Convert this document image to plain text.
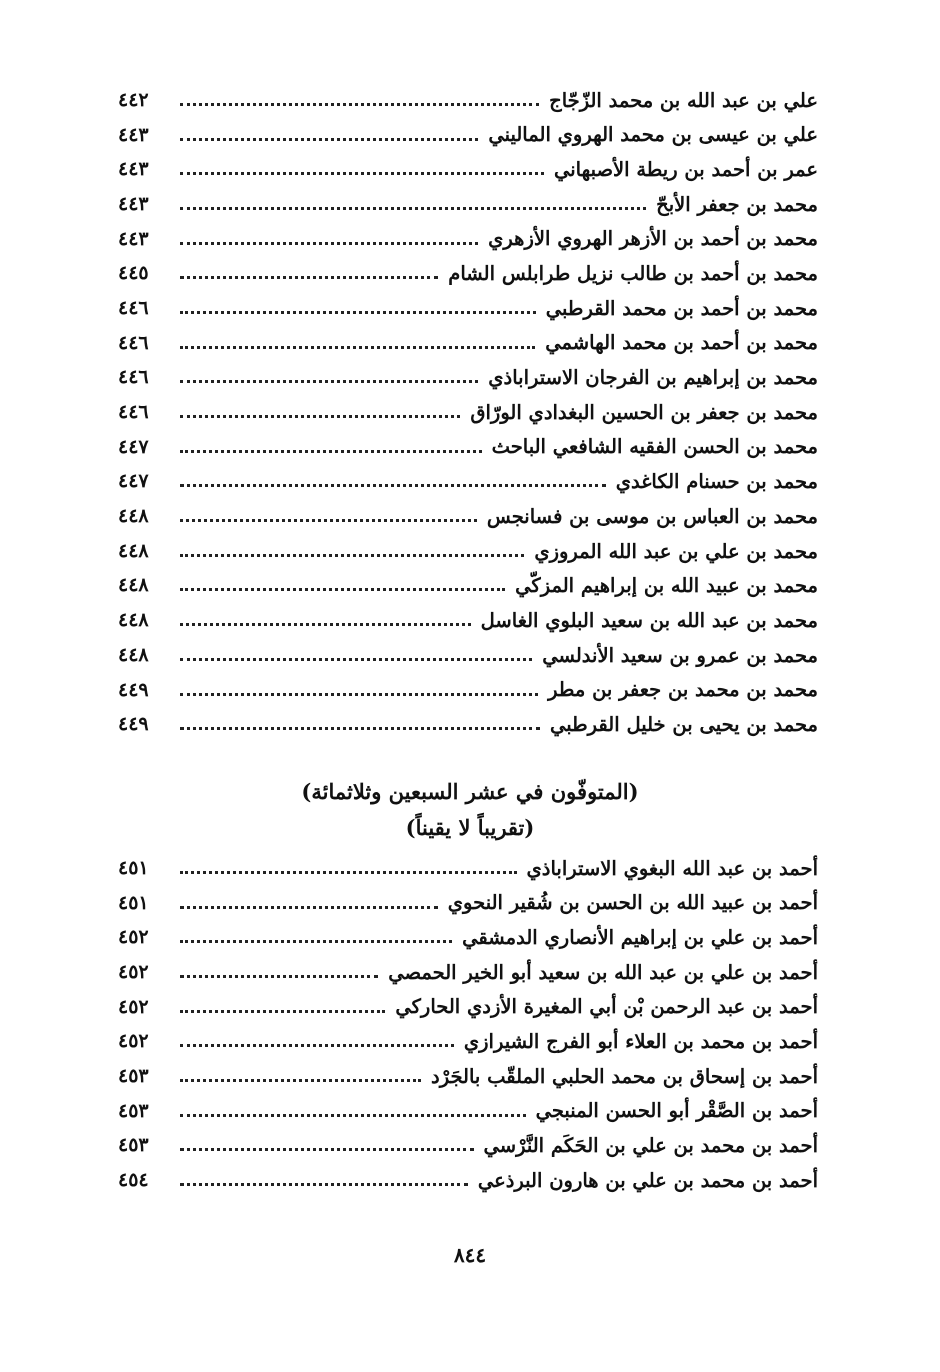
علي بن عبد الله بن محمد الزّجّاج
٤٤٢
علي بن عيسى بن محمد الهروي الماليني
٤٤٣
عمر بن أحمد بن ريطة الأصبهاني
٤٤٣
محمد بن جعفر الأبحّ
٤٤٣
محمد بن أحمد بن الأزهر الهروي الأزهري
٤٤٣
محمد بن أحمد بن طالب نزيل طرابلس الشام
٤٤٥
محمد بن أحمد بن محمد القرطبي
٤٤٦
محمد بن أحمد بن محمد الهاشمي
٤٤٦
محمد بن إبراهيم بن الفرجان الاستراباذي
٤٤٦
محمد بن جعفر بن الحسين البغدادي الورّاق
٤٤٦
محمد بن الحسن الفقيه الشافعي الباحث
٤٤٧
محمد بن حسنام الكاغدي
٤٤٧
محمد بن العباس بن موسى بن فسانجس
٤٤٨
محمد بن علي بن عبد الله المروزي
٤٤٨
محمد بن عبيد الله بن إبراهيم المزكّي
٤٤٨
محمد بن عبد الله بن سعيد البلوي الغاسل
٤٤٨
محمد بن عمرو بن سعيد الأندلسي
٤٤٨
محمد بن محمد بن جعفر بن مطر
٤٤٩
محمد بن يحيى بن خليل القرطبي
٤٤٩
(المتوفّون في عشر السبعين وثلاثمائة)
(تقريباً لا يقيناً)
أحمد بن عبد الله البغوي الاستراباذي
٤٥١
أحمد بن عبيد الله بن الحسن بن شُقير النحوي
٤٥١
أحمد بن علي بن إبراهيم الأنصاري الدمشقي
٤٥٢
أحمد بن علي بن عبد الله بن سعيد أبو الخير الحمصي
٤٥٢
أحمد بن عبد الرحمن بْن أبي المغيرة الأزدي الحاركي
٤٥٢
أحمد بن محمد بن العلاء أبو الفرج الشيرازي
٤٥٢
أحمد بن إسحاق بن محمد الحلبي الملقّب بالجَرْد
٤٥٣
أحمد بن الصَّقْر أبو الحسن المنبجي
٤٥٣
أحمد بن محمد بن علي بن الحَكَم النَّرْسي
٤٥٣
أحمد بن محمد بن علي بن هارون البرذعي
٤٥٤
٨٤٤
